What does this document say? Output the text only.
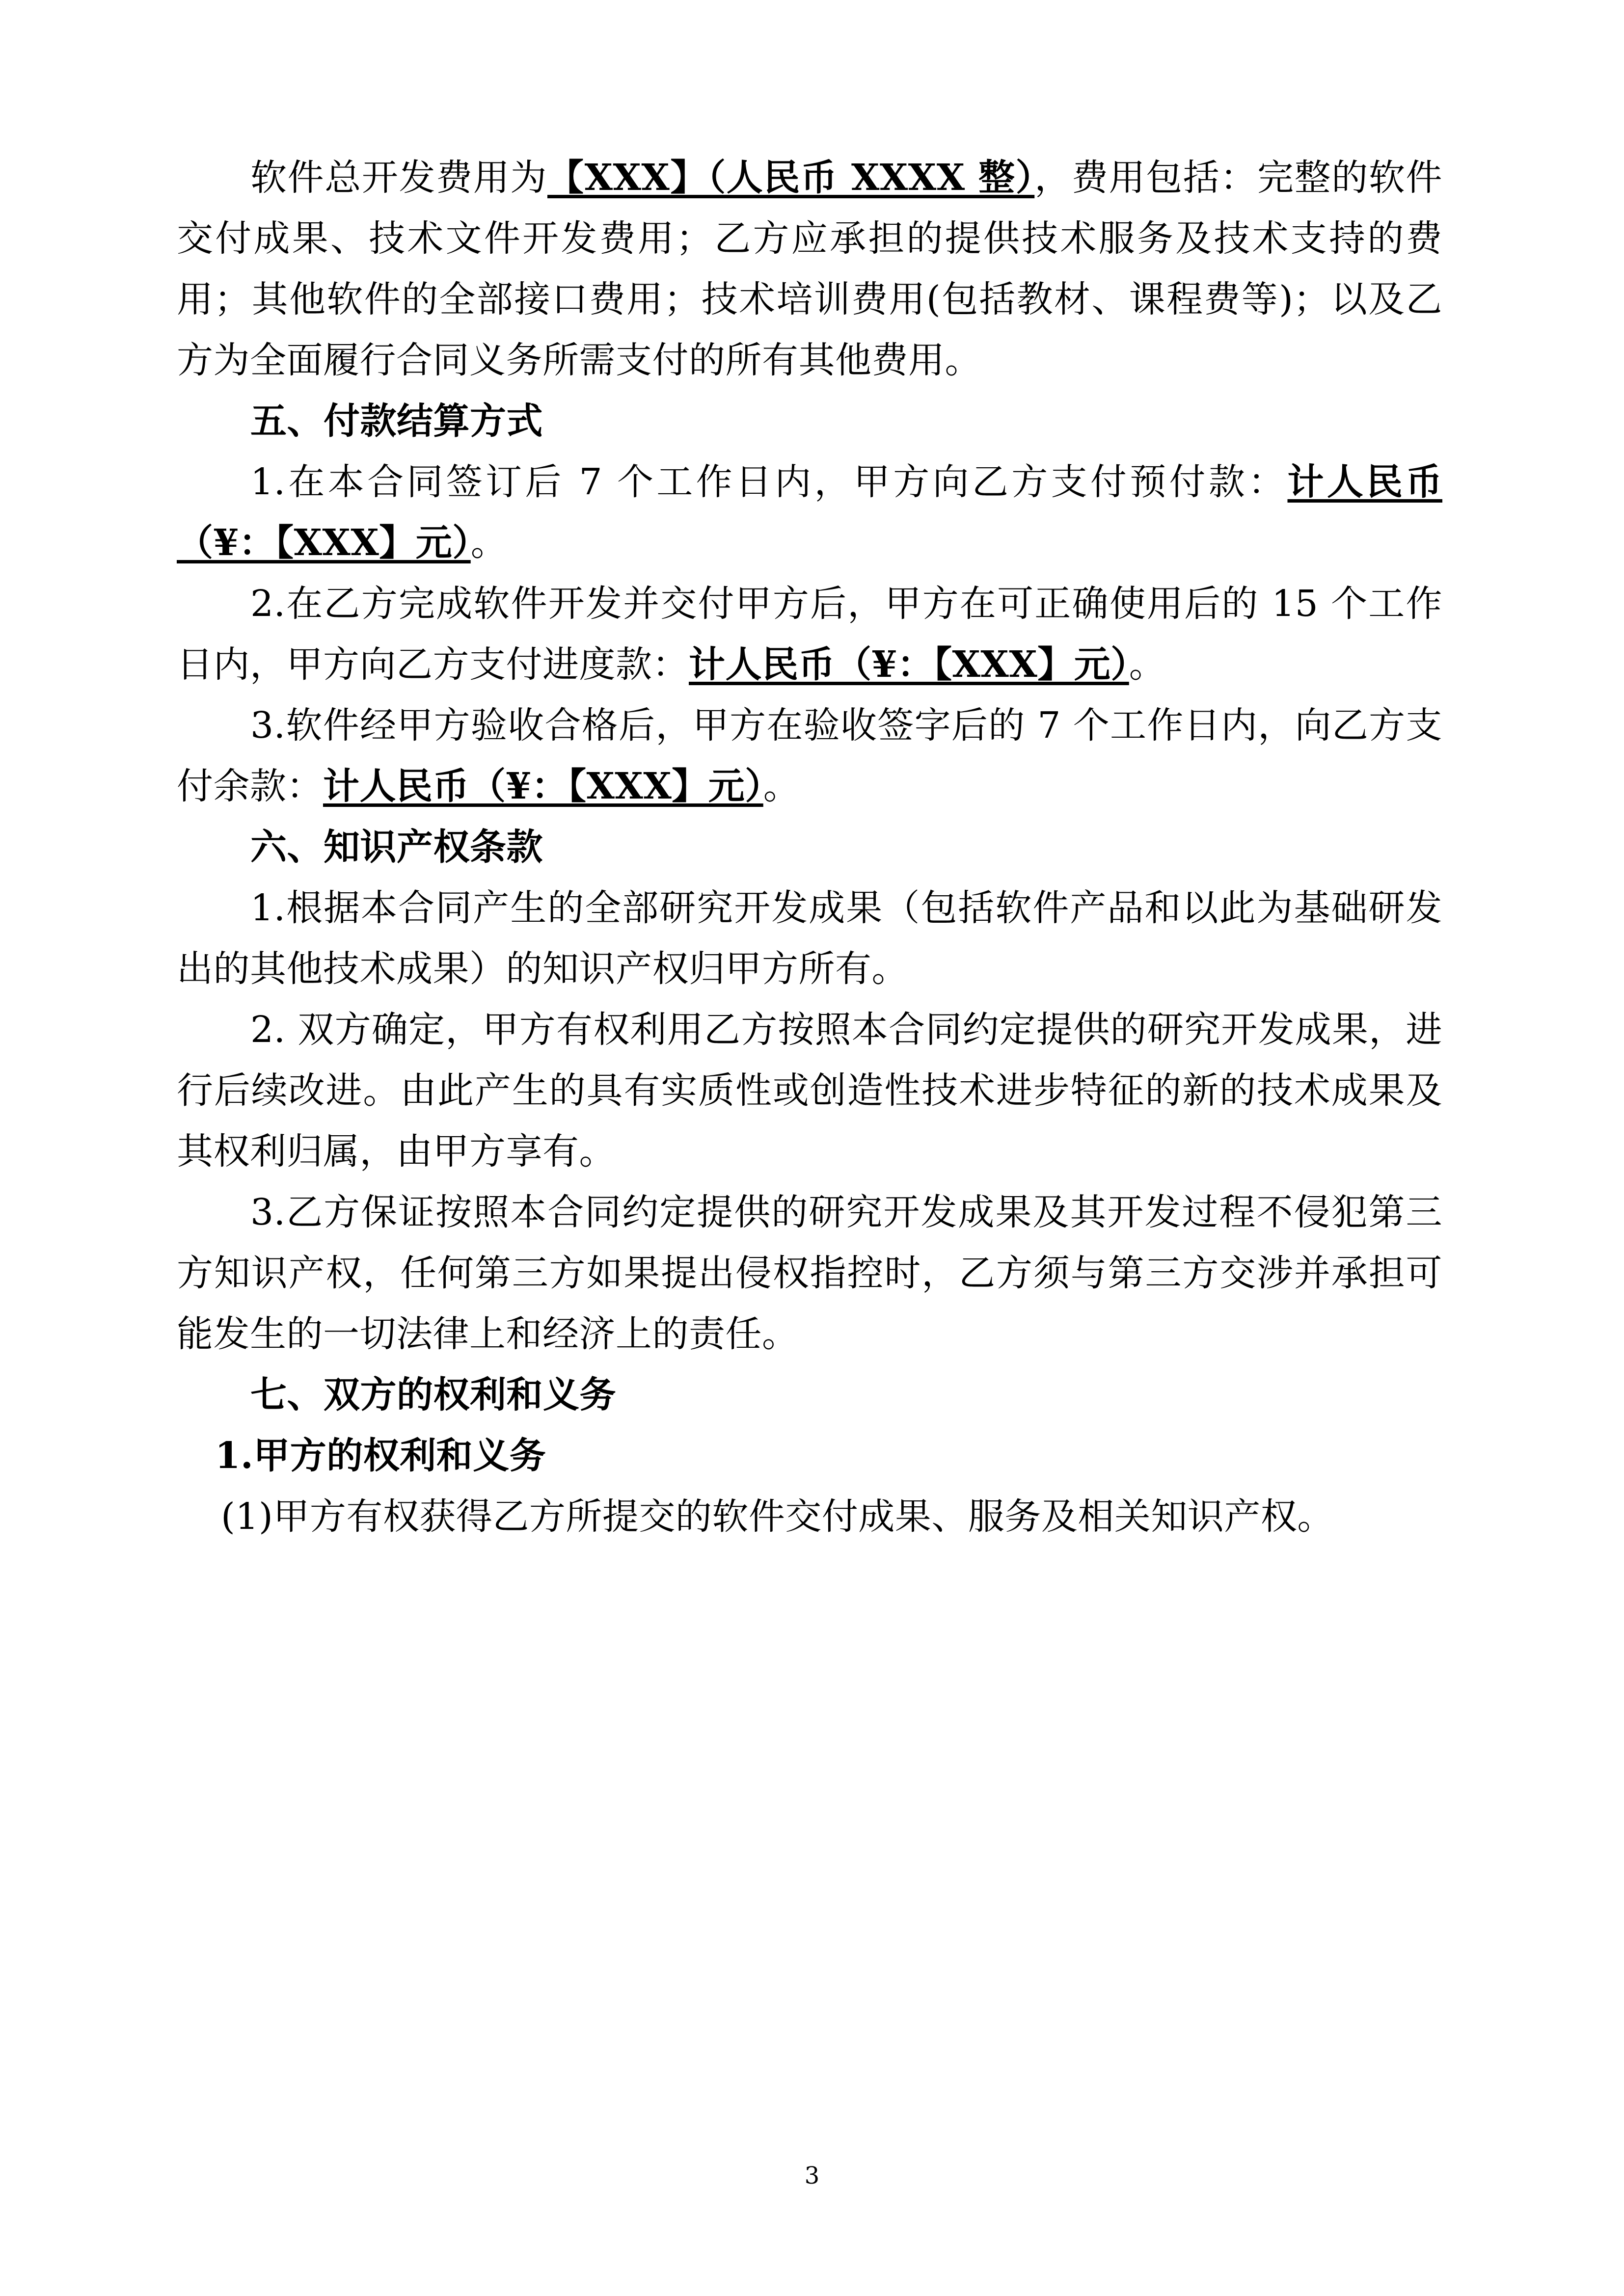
软件总开发费用为【XXX】（人民币 XXXX 整），费用包括：完整的软件交付成果、技术文件开发费用；乙方应承担的提供技术服务及技术支持的费用；其他软件的全部接口费用；技术培训费用(包括教材、课程费等)；以及乙方为全面履行合同义务所需支付的所有其他费用。

五、付款结算方式

1.在本合同签订后 7 个工作日内，甲方向乙方支付预付款：计人民币（¥：【XXX】元）。

2.在乙方完成软件开发并交付甲方后，甲方在可正确使用后的 15 个工作日内，甲方向乙方支付进度款：计人民币（¥：【XXX】元）。

3.软件经甲方验收合格后，甲方在验收签字后的 7 个工作日内，向乙方支付余款：计人民币（¥：【XXX】元）。

六、知识产权条款

1.根据本合同产生的全部研究开发成果（包括软件产品和以此为基础研发出的其他技术成果）的知识产权归甲方所有。

2. 双方确定，甲方有权利用乙方按照本合同约定提供的研究开发成果，进行后续改进。由此产生的具有实质性或创造性技术进步特征的新的技术成果及其权利归属，由甲方享有。

3.乙方保证按照本合同约定提供的研究开发成果及其开发过程不侵犯第三方知识产权，任何第三方如果提出侵权指控时，乙方须与第三方交涉并承担可能发生的一切法律上和经济上的责任。

七、双方的权利和义务

1.甲方的权利和义务

(1)甲方有权获得乙方所提交的软件交付成果、服务及相关知识产权。

3
